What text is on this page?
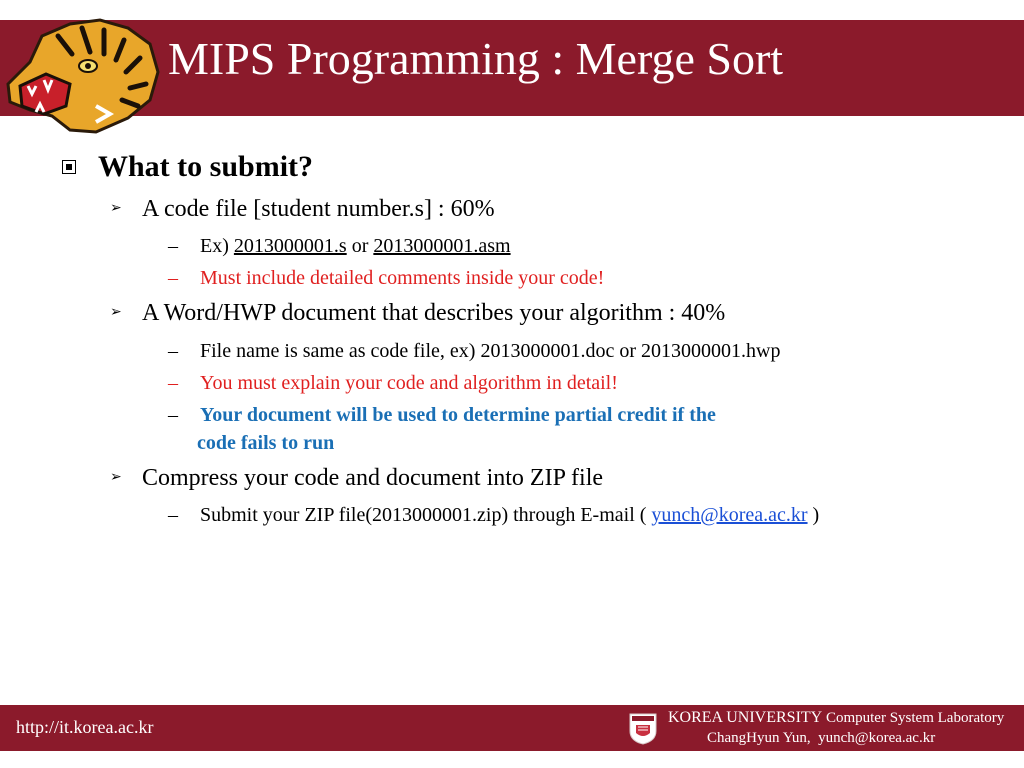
MIPS Programming : Merge Sort
What to submit?
➢ A code file [student number.s] : 60%
– Ex) 2013000001.s or 2013000001.asm
– Must include detailed comments inside your code!
➢ A Word/HWP document that describes your algorithm : 40%
– File name is same as code file, ex) 2013000001.doc or 2013000001.hwp
– You must explain your code and algorithm in detail!
– Your document will be used to determine partial credit if the
code fails to run
➢ Compress your code and document into ZIP file
– Submit your ZIP file(2013000001.zip) through E-mail ( yunch@korea.ac.kr )
http://it.korea.ac.kr	KOREA UNIVERSITY Computer System Laboratory
ChangHyun Yun, yunch@korea.ac.kr
